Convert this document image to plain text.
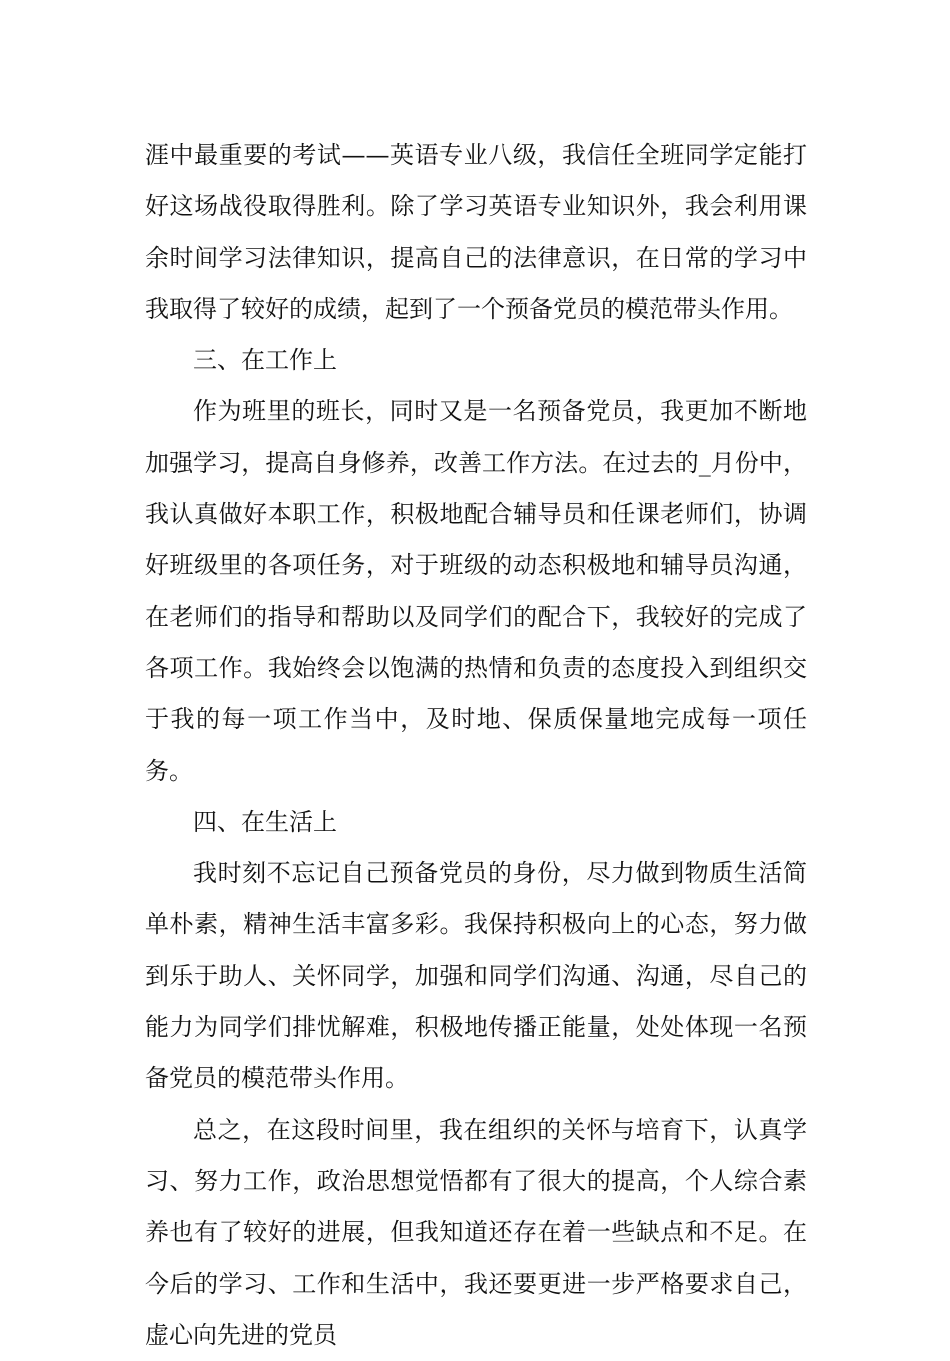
涯中最重要的考试——英语专业八级，我信任全班同学定能打好这场战役取得胜利。除了学习英语专业知识外，我会利用课余时间学习法律知识，提高自己的法律意识，在日常的学习中我取得了较好的成绩，起到了一个预备党员的模范带头作用。

三、在工作上

作为班里的班长，同时又是一名预备党员，我更加不断地加强学习，提高自身修养，改善工作方法。在过去的_月份中，我认真做好本职工作，积极地配合辅导员和任课老师们，协调好班级里的各项任务，对于班级的动态积极地和辅导员沟通，在老师们的指导和帮助以及同学们的配合下，我较好的完成了各项工作。我始终会以饱满的热情和负责的态度投入到组织交于我的每一项工作当中，及时地、保质保量地完成每一项任务。

四、在生活上

我时刻不忘记自己预备党员的身份，尽力做到物质生活简单朴素，精神生活丰富多彩。我保持积极向上的心态，努力做到乐于助人、关怀同学，加强和同学们沟通、沟通，尽自己的能力为同学们排忧解难，积极地传播正能量，处处体现一名预备党员的模范带头作用。

总之，在这段时间里，我在组织的关怀与培育下，认真学习、努力工作，政治思想觉悟都有了很大的提高，个人综合素养也有了较好的进展，但我知道还存在着一些缺点和不足。在今后的学习、工作和生活中，我还要更进一步严格要求自己，虚心向先进的党员
